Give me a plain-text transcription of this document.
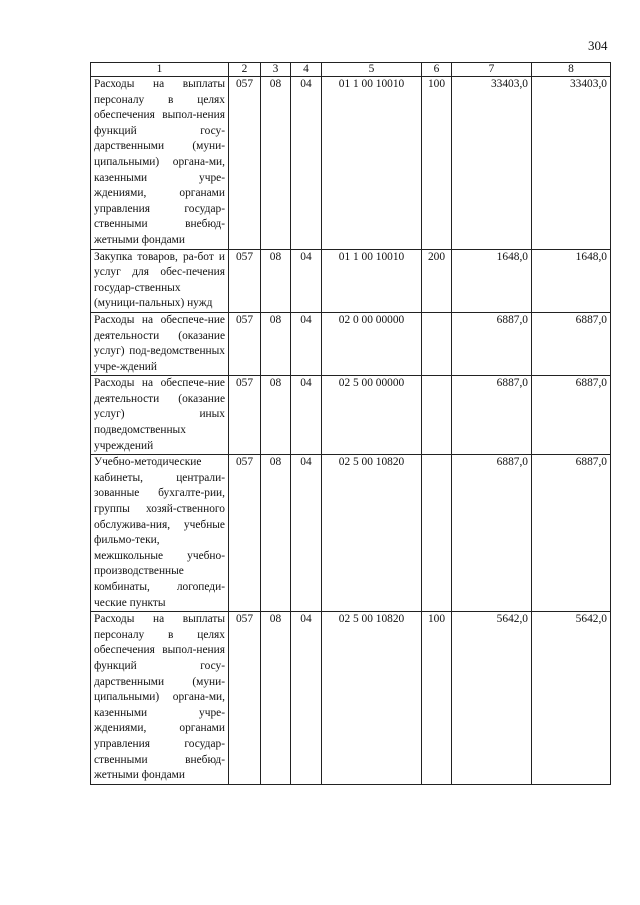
304
1	2	3	4	5	6	7	8
Расходы на выплаты персоналу в целях обеспечения выпол-нения функций госу-дарственными (муни-ципальными) органа-ми, казенными учре-ждениями, органами управления государ-ственными внебюд-жетными фондами	057	08	04	01 1 00 10010	100	33403,0	33403,0
Закупка товаров, ра-бот и услуг для обес-печения государ-ственных (муници-пальных) нужд	057	08	04	01 1 00 10010	200	1648,0	1648,0
Расходы на обеспече-ние деятельности (оказание услуг) под-ведомственных учре-ждений	057	08	04	02 0 00 00000		6887,0	6887,0
Расходы на обеспече-ние деятельности (оказание услуг) иных подведомственных учреждений	057	08	04	02 5 00 00000		6887,0	6887,0
Учебно-методические кабинеты, централи-зованные бухгалте-рии, группы хозяй-ственного обслужива-ния, учебные фильмо-теки, межшкольные учебно-производственные комбинаты, логопеди-ческие пункты	057	08	04	02 5 00 10820		6887,0	6887,0
Расходы на выплаты персоналу в целях обеспечения выпол-нения функций госу-дарственными (муни-ципальными) органа-ми, казенными учре-ждениями, органами управления государ-ственными внебюд-жетными фондами	057	08	04	02 5 00 10820	100	5642,0	5642,0
